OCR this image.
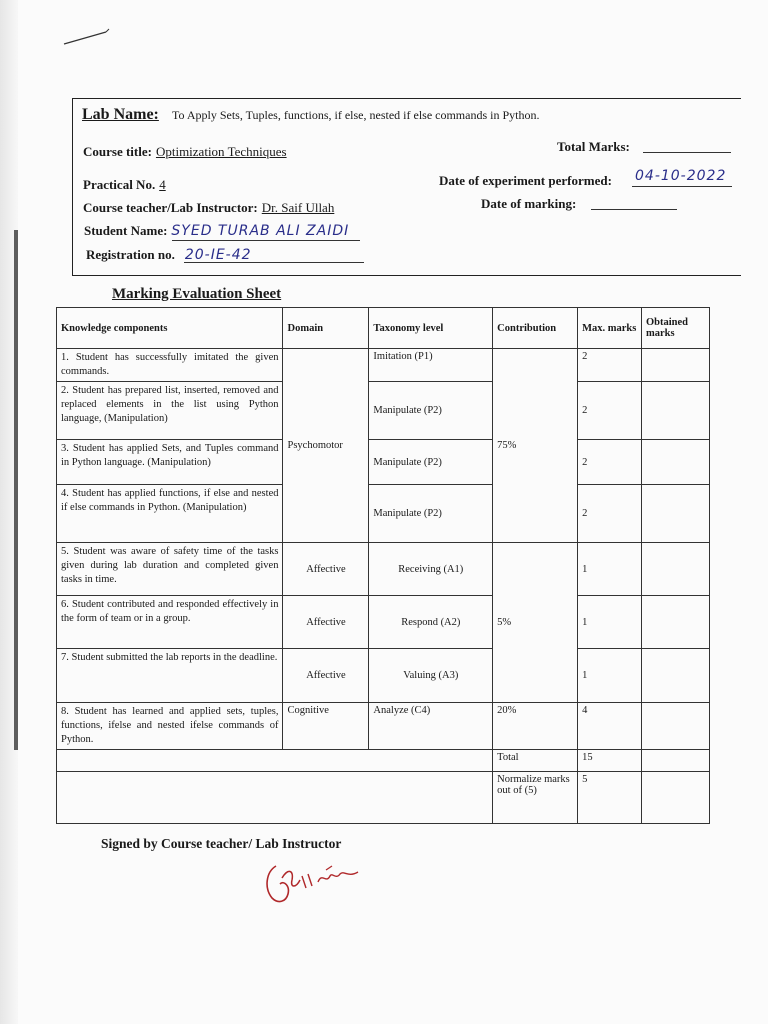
Lab Name: To Apply Sets, Tuples, functions, if else, nested if else commands in Python.
Course title: Optimization Techniques	Total Marks:
Practical No. 4	Date of experiment performed: 04-10-2022
Course teacher/Lab Instructor: Dr. Saif Ullah	Date of marking:
Student Name: SYED TURAB ALI ZAIDI
Registration no. 20-IE-42
Marking Evaluation Sheet
Knowledge components	Domain	Taxonomy level	Contribution	Max. marks	Obtained marks
1. Student has successfully imitated the given commands.	Psychomotor	Imitation (P1)	75%	2	
2. Student has prepared list, inserted, removed and replaced elements in the list using Python language, (Manipulation)		Manipulate (P2)		2	
3. Student has applied Sets, and Tuples command in Python language. (Manipulation)		Manipulate (P2)		2	
4. Student has applied functions, if else and nested if else commands in Python. (Manipulation)		Manipulate (P2)		2	
5. Student was aware of safety time of the tasks given during lab duration and completed given tasks in time.	Affective	Receiving (A1)	5%	1	
6. Student contributed and responded effectively in the form of team or in a group.	Affective	Respond (A2)		1	
7. Student submitted the lab reports in the deadline.	Affective	Valuing (A3)		1	
8. Student has learned and applied sets, tuples, functions, ifelse and nested ifelse commands of Python.	Cognitive	Analyze (C4)	20%	4	
			Total	15	
			Normalize marks out of (5)	5	
Signed by Course teacher/ Lab Instructor
